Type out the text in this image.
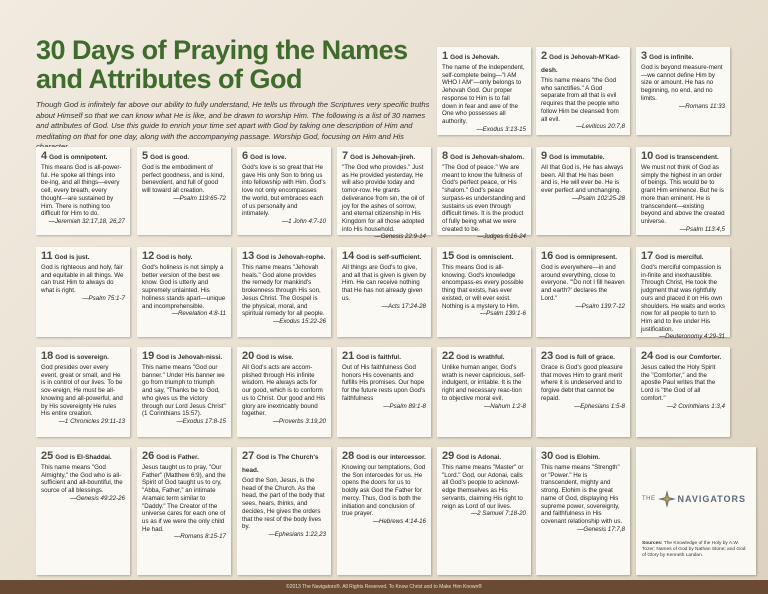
30 Days of Praying the Names and Attributes of God

Though God is infinitely far above our ability to fully understand, He tells us through the Scriptures very specific truths about Himself so that we can know what He is like, and be drawn to worship Him. The following is a list of 30 names and attributes of God. Use this guide to enrich your time set apart with God by taking one description of Him and meditating on that for one day, along with the accompanying passage. Worship God, focusing on Him and His

1 God is Jehovah.

The name of the independent, self-complete being—"I AM WHO I AM"—only belongs to Jehovah God. Our proper response to Him is to fall down in fear and awe of the One who possesses all authority.

—Exodus 3:13-15

2 God is Jehovah-M'Kad-desh.

This name means "the God who sanctifies." A God separate from all that is evil requires that the people who follow Him be cleansed from all evil.

—Leviticus 20:7,8

3 God is infinite.

God is beyond measure-ment—we cannot define Him by size or amount. He has no beginning, no end, and no limits.

—Romans 11:33

4 God is omnipotent.

This means God is all-power-ful. He spoke all things into be-ing, and all things—every cell, every breath, every thought—are sustained by Him. There is nothing too difficult for Him to do.

—Jeremiah 32:17,18, 26,27

5 God is good.

God is the embodiment of perfect goodness, and is kind, benevolent, and full of good will toward all creation.

—Psalm 119:65-72

6 God is love.

God's love is so great that He gave His only Son to bring us into fellowship with Him. God's love not only encompasses the world, but embraces each of us personally and intimately.

—1 John 4:7-10

7 God is Jehovah-jireh.

"The God who provides." Just as He provided yesterday, He will also provide today and tomor-row. He grants deliverance from sin, the oil of joy for the ashes of sorrow, and eternal citizenship in His Kingdom for all those adopted into His household.

—Genesis 22:9-14

8 God is Jehovah-shalom.

"The God of peace." We are meant to know the fullness of God's perfect peace, or His "shalom." God's peace surpass-es understanding and sustains us even through difficult times. It is the product of fully being what we were created to be.

—Judges 6:16-24

9 God is immutable.

All that God is, He has always been. All that He has been and is, He will ever be. He is ever perfect and unchanging.

—Psalm 102:25-28

10 God is transcendent.

We must not think of God as simply the highest in an order of beings. This would be to grant Him eminence. But he is more than eminent. He is transcendent—existing beyond and above the created universe.

—Psalm 113:4,5

11 God is just.

God is righteous and holy, fair and equitable in all things. We can trust Him to always do what is right.

—Psalm 75:1-7

12 God is holy.

God's holiness is not simply a better version of the best we know. God is utterly and supremely unlainted. His holiness stands apart—unique and incomprehensible.

—Revelation 4:8-11

13 God is Jehovah-rophe.

This name means "Jehovah heals." God alone provides the remedy for mankind's brokenness through His son, Jesus Christ. The Gospel is the physical, moral, and spiritual remedy for all people.

—Exodus 15:22-26

14 God is self-sufficient.

All things are God's to give, and all that is given is given by Him. He can receive nothing that He has not already given us.

—Acts 17:24-28

15 God is omniscient.

This means God is all-knowing. God's knowledge encompass-es every possible thing that exists, has ever existed, or will ever exist. Nothing is a mystery to Him.

—Psalm 139:1-6

16 God is omnipresent.

God is everywhere—in and around everything, close to everyone. "'Do not I fill heaven and earth?' declares the Lord."

—Psalm 139:7-12

17 God is merciful.

God's merciful compassion is in-finite and inexhaustible. Through Christ, He took the judgment that was rightfully ours and placed it on His own shoulders. He waits and works now for all people to turn to Him and to live under His justification.

—Deuteronomy 4:29-31

18 God is sovereign.

God presides over every event, great or small, and He is in control of our lives. To be sov-ereign, He must be all-knowing and all-powerful, and by His sovereignty He rules His entire creation.

—1 Chronicles 29:11-13

19 God is Jehovah-nissi.

This name means "God our banner." Under His banner we go from triumph to triumph and say, "Thanks be to God, who gives us the victory through our Lord Jesus Christ" (1 Corinthians 15:57).

—Exodus 17:8-15

20 God is wise.

All God's acts are accom-plished through His infinite wisdom. He always acts for our good, which is to conform us to Christ. Our good and His glory are inextricably bound together.

—Proverbs 3:19,20

21 God is faithful.

Out of His faithfulness God honors His covenants and fulfills His promises. Our hope for the future rests upon God's faithfulness

—Psalm 89:1-8

22 God is wrathful.

Unlike human anger, God's wrath is never capricious, self-indulgent, or irritable. It is the right and necessary reac-tion to objective moral evil.

—Nahum 1:2-8

23 God is full of grace.

Grace is God's good pleasure that moves Him to grant merit where it is undeserved and to forgive debt that cannot be repaid.

—Ephesians 1:5-8

24 God is our Comforter.

Jesus called the Holy Spirit the "Comforter," and the apostle Paul writes that the Lord is "the God of all comfort."

—2 Corinthians 1:3,4

25 God is El-Shaddai.

This name means "God Almighty," the God who is all-sufficient and all-bountiful, the source of all blessings.

—Genesis 49:22-26

26 God is Father.

Jesus taught us to pray, "Our Father" (Matthew 6:9), and the Spirit of God taught us to cry, "Abba, Father," an intimate Aramaic term similar to "Daddy." The Creator of the universe cares for each one of us as if we were the only child He had.

—Romans 8:15-17

27 God is The Church's head.

God the Son, Jesus, is the head of the Church. As the head, the part of the body that sees, hears, thinks, and decides, He gives the orders that the rest of the body lives by.

—Ephesians 1:22,23

28 God is our intercessor.

Knowing our temptations, God the Son intercedes for us. He opens the doors for us to boldly ask God the Father for mercy. Thus, God is both the initiation and conclusion of true prayer.

—Hebrews 4:14-16

29 God is Adonai.

This name means "Master" or "Lord." God, our Adonai, calls all God's people to acknowl-edge themselves as His servants, claiming His right to reign as Lord of our lives.

—2 Samuel 7:18-20

30 God is Elohim.

This name means "Strength" or "Power." He is transcendent, mighty and strong. Elohim is the great name of God, displaying His supreme power, sovereignty, and faithfulness in His covenant relationship with us.

—Genesis 17:7,8

THE NAVIGATORS

Sources: The Knowledge of the Holy by A.W. Tozer; Names of God by Nathan Stone; and God of Glory by Kenneth Landan.

©2013 The Navigators®. All Rights Reserved. To Know Christ and to Make Him Known®
